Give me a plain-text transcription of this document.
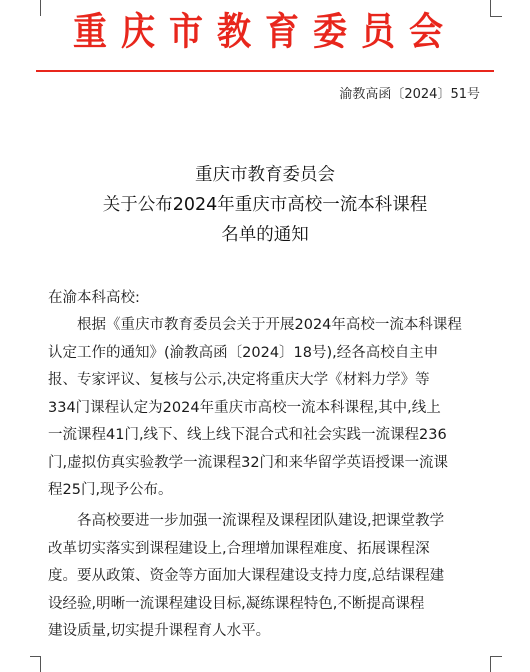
重庆市教育委员会
渝教高函〔2024〕51号
重庆市教育委员会
关于公布2024年重庆市高校一流本科课程
名单的通知
在渝本科高校:
根据《重庆市教育委员会关于开展2024年高校一流本科课程
认定工作的通知》(渝教高函〔2024〕18号),经各高校自主申
报、专家评议、复核与公示,决定将重庆大学《材料力学》等
334门课程认定为2024年重庆市高校一流本科课程,其中,线上
一流课程41门,线下、线上线下混合式和社会实践一流课程236
门,虚拟仿真实验教学一流课程32门和来华留学英语授课一流课
程25门,现予公布。
各高校要进一步加强一流课程及课程团队建设,把课堂教学
改革切实落实到课程建设上,合理增加课程难度、拓展课程深
度。要从政策、资金等方面加大课程建设支持力度,总结课程建
设经验,明晰一流课程建设目标,凝练课程特色,不断提高课程
建设质量,切实提升课程育人水平。
